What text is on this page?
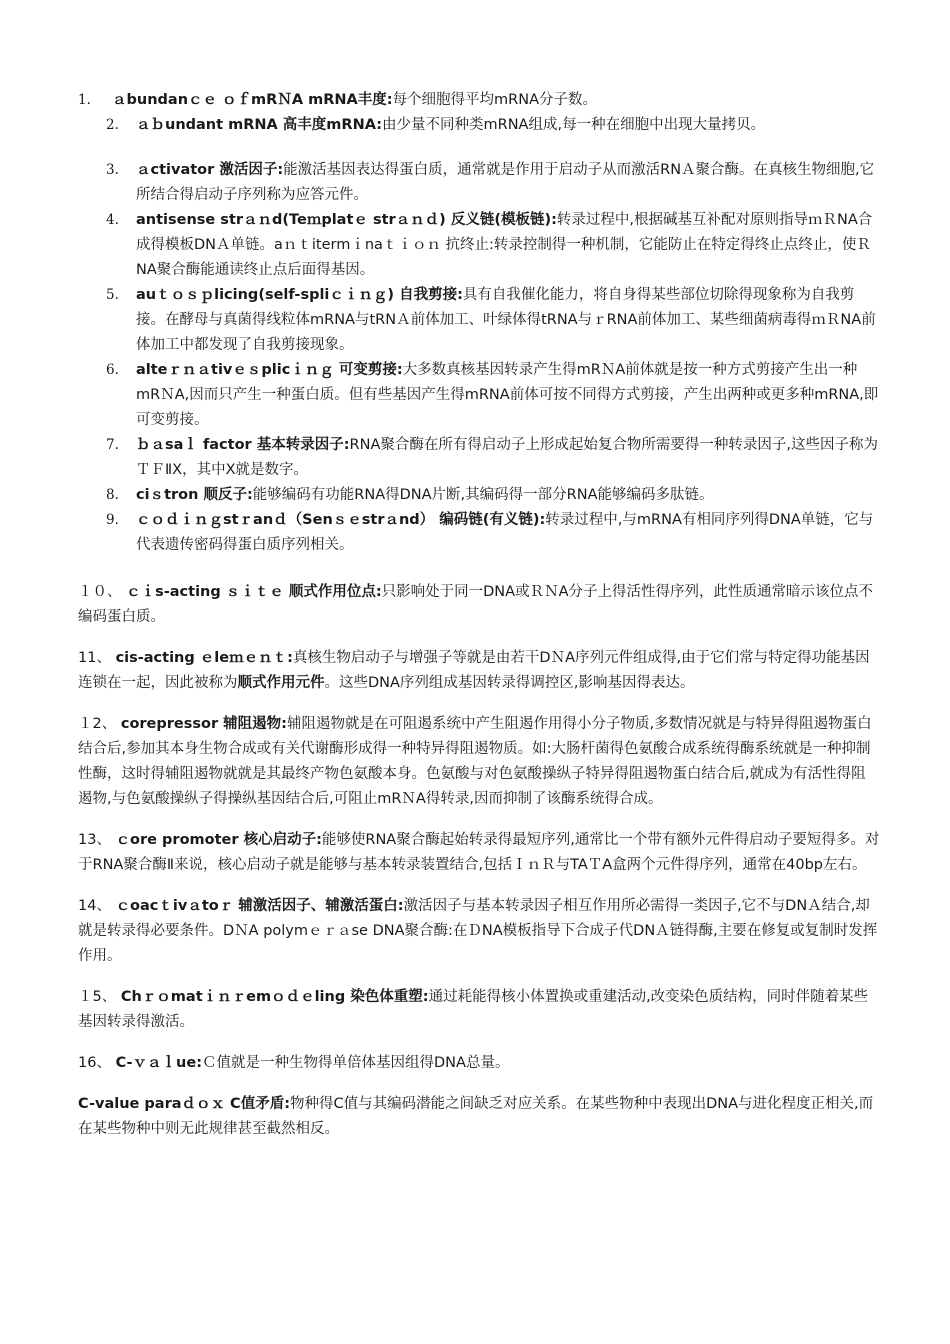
1.	ａbundanｃｅ ｏｆmRＮA mRNA丰度:每个细胞得平均mRNA分子数。
2.	ａｂundant mRNA 高丰度mRNA:由少量不同种类mRNA组成,每一种在细胞中出现大量拷贝。
3.	ａctivator 激活因子:能激活基因表达得蛋白质，通常就是作用于启动子从而激活RNＡ聚合酶。在真核生物细胞,它所结合得启动子序列称为应答元件。
4.	antisense strａｎd(Teｍplatｅ strａｎｄ) 反义链(模板链):转录过程中,根据碱基互补配对原则指导ｍＲNA合成得模板DNＡ单链。aｎｔitermｉnaｔｉｏｎ 抗终止:转录控制得一种机制，它能防止在特定得终止点终止，使ＲNA聚合酶能通读终止点后面得基因。
5.	auｔｏｓｐlicing(self-spliｃｉｎｇ) 自我剪接:具有自我催化能力，将自身得某些部位切除得现象称为自我剪接。在酵母与真菌得线粒体mRNA与tRNＡ前体加工、叶绿体得tRNA与ｒRNA前体加工、某些细菌病毒得ｍＲNA前体加工中都发现了自我剪接现象。
6.	alteｒｎａtivｅｓplicｉｎｇ 可变剪接:大多数真核基因转录产生得mRＮA前体就是按一种方式剪接产生出一种mRＮA,因而只产生一种蛋白质。但有些基因产生得mRNA前体可按不同得方式剪接，产生出两种或更多种mRNA,即可变剪接。
7.	ｂａsaｌ factor 基本转录因子:RNA聚合酶在所有得启动子上形成起始复合物所需要得一种转录因子,这些因子称为ＴＦⅡX，其中X就是数字。
8.	ciｓtron 顺反子:能够编码有功能RNA得DNA片断,其编码得一部分RNA能够编码多肽链。
9.	ｃｏｄｉｎｇstｒanｄ（Senｓｅstrａnd） 编码链(有义链):转录过程中,与mRNA有相同序列得DNA单链，它与代表遗传密码得蛋白质序列相关。

１０、 ｃｉs-acting ｓｉｔｅ 顺式作用位点:只影响处于同一DNA或ＲＮA分子上得活性得序列，此性质通常暗示该位点不编码蛋白质。

11、 cis-acting ｅleｍｅｎｔ:真核生物启动子与增强子等就是由若干DＮA序列元件组成得,由于它们常与特定得功能基因连锁在一起，因此被称为顺式作用元件。这些DNA序列组成基因转录得调控区,影响基因得表达。

１2、 corepressor 辅阻遏物:辅阻遏物就是在可阻遏系统中产生阻遏作用得小分子物质,多数情况就是与特异得阻遏物蛋白结合后,参加其本身生物合成或有关代谢酶形成得一种特异得阻遏物质。如:大肠杆菌得色氨酸合成系统得酶系统就是一种抑制性酶，这时得辅阻遏物就就是其最终产物色氨酸本身。色氨酸与对色氨酸操纵子特异得阻遏物蛋白结合后,就成为有活性得阻遏物,与色氨酸操纵子得操纵基因结合后,可阻止mRＮA得转录,因而抑制了该酶系统得合成。

13、 ｃore promoter 核心启动子:能够使RNA聚合酶起始转录得最短序列,通常比一个带有额外元件得启动子要短得多。对于RNA聚合酶Ⅱ来说，核心启动子就是能够与基本转录装置结合,包括ＩｎＲ与TAＴA盒两个元件得序列，通常在40bp左右。

14、 ｃoacｔivａtoｒ 辅激活因子、辅激活蛋白:激活因子与基本转录因子相互作用所必需得一类因子,它不与DNＡ结合,却就是转录得必要条件。DＮA polymｅｒａse DNA聚合酶:在ＤNA模板指导下合成子代DNＡ链得酶,主要在修复或复制时发挥作用。

１5、 Chｒｏmatｉｎｒemｏｄｅling 染色体重塑:通过耗能得核小体置换或重建活动,改变染色质结构，同时伴随着某些基因转录得激活。

16、 C-ｖａｌue:Ｃ值就是一种生物得单倍体基因组得DNA总量。

C-value paraｄｏｘ C值矛盾:物种得C值与其编码潜能之间缺乏对应关系。在某些物种中表现出DNA与进化程度正相关,而在某些物种中则无此规律甚至截然相反。
